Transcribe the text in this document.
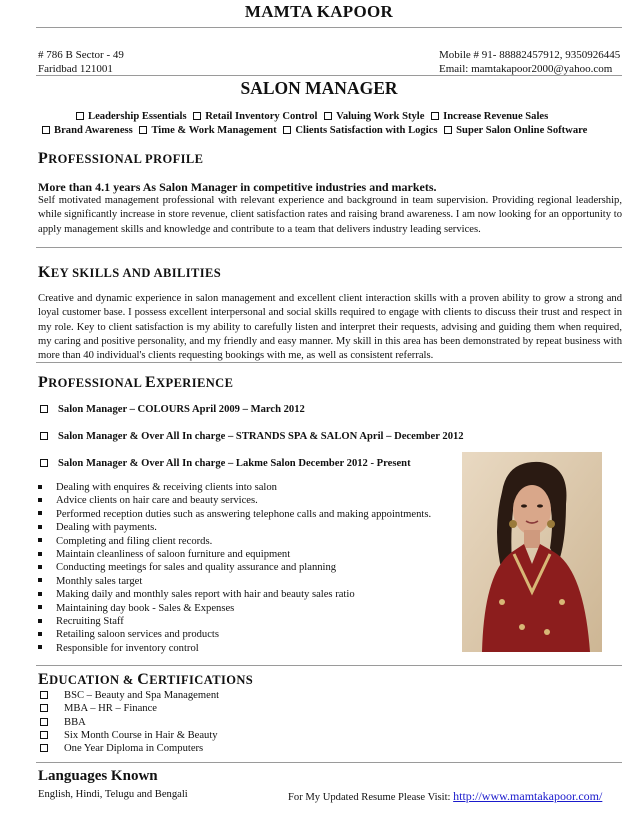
MAMTA KAPOOR
# 786 B Sector - 49
Faridbad 121001
Mobile # 91- 88882457912, 9350926445
Email: mamtakapoor2000@yahoo.com
SALON MANAGER
Leadership Essentials Retail Inventory Control Valuing Work Style Increase Revenue Sales
Brand Awareness Time & Work Management Clients Satisfaction with Logics Super Salon Online Software
PROFESSIONAL PROFILE
More than 4.1 years As Salon Manager in competitive industries and markets.
Self motivated management professional with relevant experience and background in team supervision. Providing regional leadership, while significantly increase in store revenue, client satisfaction rates and raising brand awareness. I am now looking for an opportunity to apply management skills and knowledge and contribute to a team that delivers industry leading services.
KEY SKILLS AND ABILITIES
Creative and dynamic experience in salon management and excellent client interaction skills with a proven ability to grow a strong and loyal customer base. I possess excellent interpersonal and social skills required to engage with clients to discuss their trust and respect in my role. Key to client satisfaction is my ability to carefully listen and interpret their requests, advising and guiding them when required, my caring and positive personality, and my friendly and easy manner. My skill in this area has been demonstrated by repeat business with more than 40 individual's clients requesting bookings with me, as well as consistent referrals.
PROFESSIONAL EXPERIENCE
Salon Manager – COLOURS April 2009 – March 2012
Salon Manager & Over All In charge – STRANDS SPA & SALON April – December 2012
Salon Manager & Over All In charge – Lakme Salon December 2012 - Present
Dealing with enquires & receiving clients into salon
Advice clients on hair care and beauty services.
Performed reception duties such as answering telephone calls and making appointments.
Dealing with payments.
Completing and filing client records.
Maintain cleanliness of saloon furniture and equipment
Conducting meetings for sales and quality assurance and planning
Monthly sales target
Making daily and monthly sales report with hair and beauty sales ratio
Maintaining day book - Sales & Expenses
Recruiting Staff
Retailing saloon services and products
Responsible for inventory control
EDUCATION & CERTIFICATIONS
BSC – Beauty and Spa Management
MBA – HR – Finance
BBA
Six Month Course in Hair & Beauty
One Year Diploma in Computers
Languages Known
English, Hindi, Telugu and Bengali	For My Updated Resume Please Visit: http://www.mamtakapoor.com/
